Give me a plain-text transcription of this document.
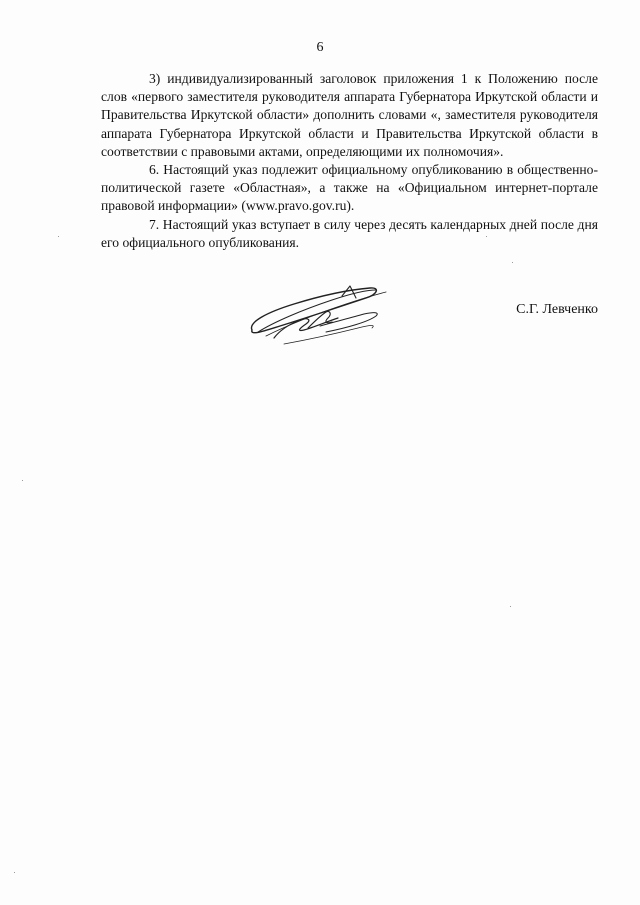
6

3) индивидуализированный заголовок приложения 1 к Положению после слов «первого заместителя руководителя аппарата Губернатора Иркутской области и Правительства Иркутской области» дополнить словами «, заместителя руководителя аппарата Губернатора Иркутской области и Правительства Иркутской области в соответствии с правовыми актами, определяющими их полномочия».

6. Настоящий указ подлежит официальному опубликованию в общественно-политической газете «Областная», а также на «Официальном интернет-портале правовой информации» (www.pravo.gov.ru).

7. Настоящий указ вступает в силу через десять календарных дней после дня его официального опубликования.

С.Г. Левченко
